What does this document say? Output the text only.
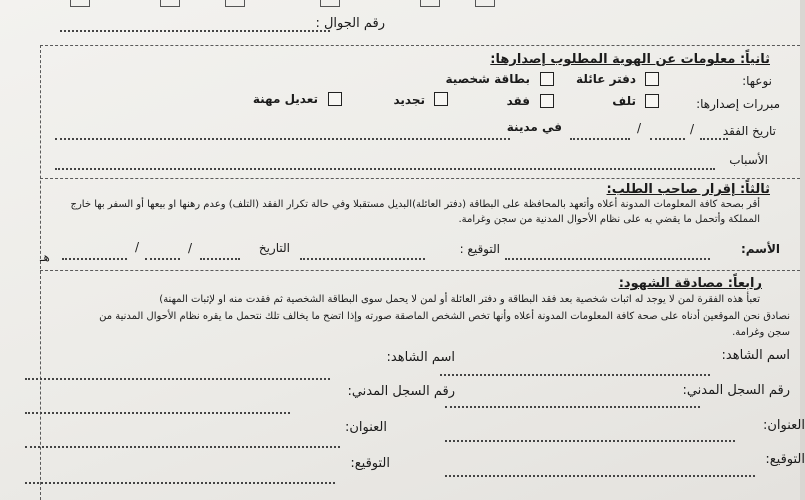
رقم الجوال :
ثانياً: معلومات عن الهوية المطلوب إصدارها:
نوعها:
دفتر عائلة
بطاقة شخصية
مبررات إصدارها:
تلف
فقد
تجديد
تعديل مهنة
تاريخ الفقد
/
/
في مدينة
الأسباب
ثالثاً: إقرار صاحب الطلب:
أقر بصحة كافة المعلومات المدونة أعلاه وأتعهد بالمحافظة على البطاقة (دفتر العائلة)البديل مستقبلا وفي حالة تكرار الفقد (التلف) وعدم رهنها او بيعها أو السفر بها خارج
المملكة وأتحمل ما يقضي به على نظام الأحوال المدنية من سجن وغرامة.
الأسم:
التوقيع :
التاريخ
/
/
هـ
رابعاً: مصادقة الشهود:
تعبأ هذه الفقرة لمن لا يوجد له اثبات شخصية بعد فقد البطاقة و دفتر العائلة أو لمن لا يحمل سوى البطاقة الشخصية ثم فقدت منه او لإثبات المهنة)
نصادق نحن الموقعين أدناه على صحة كافة المعلومات المدونة أعلاه وأنها تخص الشخص الماصقة صورته وإذا اتضح ما يخالف تلك نتحمل ما يقره نظام الأحوال المدنية من
سجن وغرامة.
اسم الشاهد:
رقم السجل المدني:
العنوان:
التوقيع:
اسم الشاهد:
رقم السجل المدني:
العنوان:
التوقيع:
